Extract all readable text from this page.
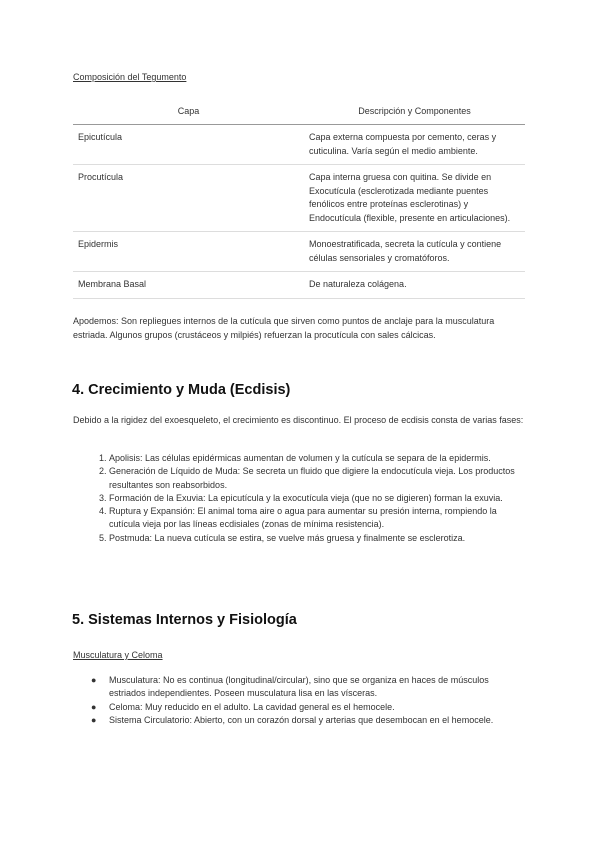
Composición del Tegumento
Capa	Descripción y Componentes
Epicutícula	Capa externa compuesta por cemento, ceras y cuticulina. Varía según el medio ambiente.
Procutícula	Capa interna gruesa con quitina. Se divide en Exocutícula (esclerotizada mediante puentes fenólicos entre proteínas esclerotinas) y Endocutícula (flexible, presente en articulaciones).
Epidermis	Monoestratificada, secreta la cutícula y contiene células sensoriales y cromatóforos.
Membrana Basal	De naturaleza colágena.
Apodemos: Son repliegues internos de la cutícula que sirven como puntos de anclaje para la musculatura estriada. Algunos grupos (crustáceos y milpiés) refuerzan la procutícula con sales cálcicas.
4. Crecimiento y Muda (Ecdisis)
Debido a la rigidez del exoesqueleto, el crecimiento es discontinuo. El proceso de ecdisis consta de varias fases:
1. Apolisis: Las células epidérmicas aumentan de volumen y la cutícula se separa de la epidermis.
2. Generación de Líquido de Muda: Se secreta un fluido que digiere la endocutícula vieja. Los productos resultantes son reabsorbidos.
3. Formación de la Exuvia: La epicutícula y la exocutícula vieja (que no se digieren) forman la exuvia.
4. Ruptura y Expansión: El animal toma aire o agua para aumentar su presión interna, rompiendo la cutícula vieja por las líneas ecdisiales (zonas de mínima resistencia).
5. Postmuda: La nueva cutícula se estira, se vuelve más gruesa y finalmente se esclerotiza.
5. Sistemas Internos y Fisiología
Musculatura y Celoma
● Musculatura: No es continua (longitudinal/circular), sino que se organiza en haces de músculos estriados independientes. Poseen musculatura lisa en las vísceras.
● Celoma: Muy reducido en el adulto. La cavidad general es el hemocele.
● Sistema Circulatorio: Abierto, con un corazón dorsal y arterias que desembocan en el hemocele.
